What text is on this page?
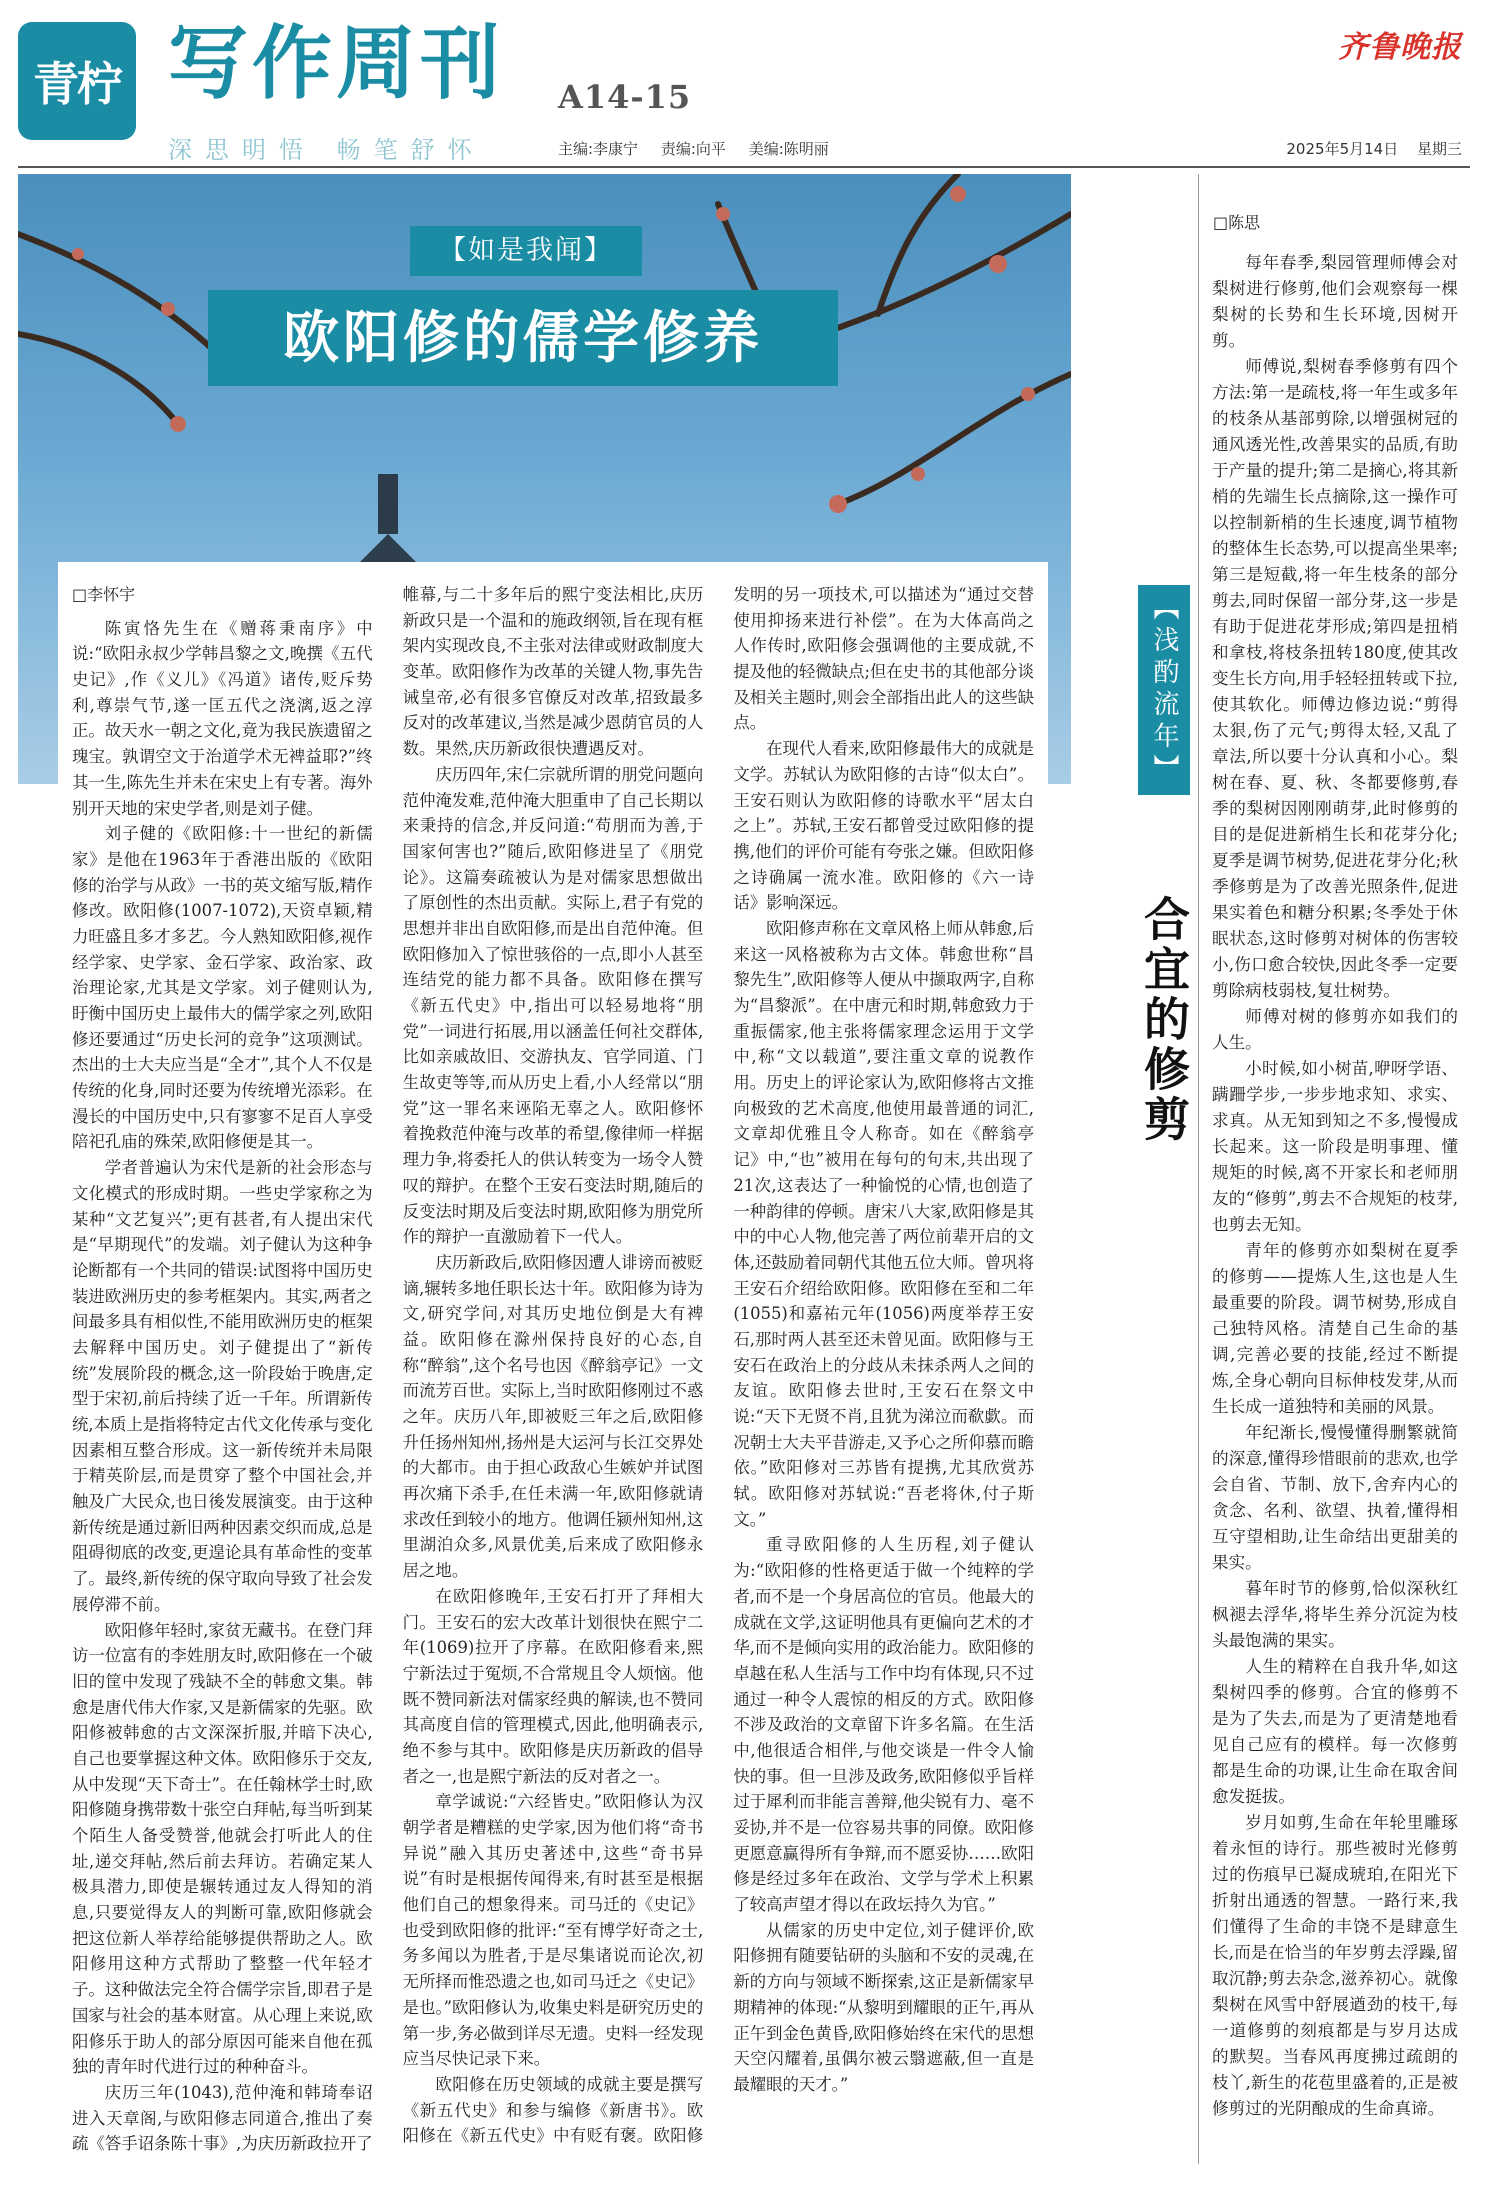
青柠 写作周刊 A14-15
深思明悟 畅笔舒怀	主编:李康宁 责编:向平 美编:陈明丽
齐鲁晚报
2025年5月14日 星期三
【如是我闻】
欧阳修的儒学修养
□李怀宇

陈寅恪先生在《赠蒋秉南序》中说:“欧阳永叔少学韩昌黎之文,晚撰《五代史记》,作《义儿》《冯道》诸传,贬斥势利,尊崇气节,遂一匡五代之浇漓,返之淳正。故天水一朝之文化,竟为我民族遗留之瑰宝。孰谓空文于治道学术无裨益耶?”终其一生,陈先生并未在宋史上有专著。海外别开天地的宋史学者,则是刘子健。

刘子健的《欧阳修:十一世纪的新儒家》是他在1963年于香港出版的《欧阳修的治学与从政》一书的英文缩写版,精作修改。欧阳修(1007-1072),天资卓颖,精力旺盛且多才多艺。今人熟知欧阳修,视作经学家、史学家、金石学家、政治家、政治理论家,尤其是文学家。刘子健则认为,盱衡中国历史上最伟大的儒学家之列,欧阳修还要通过“历史长河的竞争”这项测试。杰出的士大夫应当是“全才”,其个人不仅是传统的化身,同时还要为传统增光添彩。在漫长的中国历史中,只有寥寥不足百人享受陪祀孔庙的殊荣,欧阳修便是其一。

学者普遍认为宋代是新的社会形态与文化模式的形成时期。一些史学家称之为某种“文艺复兴”;更有甚者,有人提出宋代是“早期现代”的发端。刘子健认为这种争论断都有一个共同的错误:试图将中国历史装进欧洲历史的参考框架内。其实,两者之间最多具有相似性,不能用欧洲历史的框架去解释中国历史。刘子健提出了“新传统”发展阶段的概念,这一阶段始于晚唐,定型于宋初,前后持续了近一千年。所谓新传统,本质上是指将特定古代文化传承与变化因素相互整合形成。这一新传统并未局限于精英阶层,而是贯穿了整个中国社会,并触及广大民众,也日後发展演变。由于这种新传统是通过新旧两种因素交织而成,总是阻碍彻底的改变,更遑论具有革命性的变革了。最终,新传统的保守取向导致了社会发展停滞不前。

欧阳修年轻时,家贫无藏书。在登门拜访一位富有的李姓朋友时,欧阳修在一个破旧的筐中发现了残缺不全的韩愈文集。韩愈是唐代伟大作家,又是新儒家的先驱。欧阳修被韩愈的古文深深折服,并暗下决心,自己也要掌握这种文体。欧阳修乐于交友,从中发现“天下奇士”。在任翰林学士时,欧阳修随身携带数十张空白拜帖,每当听到某个陌生人备受赞誉,他就会打听此人的住址,递交拜帖,然后前去拜访。若确定某人极具潜力,即使是辗转通过友人得知的消息,只要觉得友人的判断可靠,欧阳修就会把这位新人举荐给能够提供帮助之人。欧阳修用这种方式帮助了整整一代年轻才子。这种做法完全符合儒学宗旨,即君子是国家与社会的基本财富。从心理上来说,欧阳修乐于助人的部分原因可能来自他在孤独的青年时代进行过的种种奋斗。

庆历三年(1043),范仲淹和韩琦奉诏进入天章阁,与欧阳修志同道合,推出了奏疏《答手诏条陈十事》,为庆历新政拉开了帷幕,与二十多年后的熙宁变法相比,庆历新政只是一个温和的施政纲领,旨在现有框架内实现改良,不主张对法律或财政制度大变革。欧阳修作为改革的关键人物,事先告诫皇帝,必有很多官僚反对改革,招致最多反对的改革建议,当然是减少恩荫官员的人数。果然,庆历新政很快遭遇反对。

庆历四年,宋仁宗就所谓的朋党问题向范仲淹发难,范仲淹大胆重申了自己长期以来秉持的信念,并反问道:“苟朋而为善,于国家何害也?”随后,欧阳修进呈了《朋党论》。这篇奏疏被认为是对儒家思想做出了原创性的杰出贡献。实际上,君子有党的思想并非出自欧阳修,而是出自范仲淹。但欧阳修加入了惊世骇俗的一点,即小人甚至连结党的能力都不具备。欧阳修在撰写《新五代史》中,指出可以轻易地将“朋党”一词进行拓展,用以涵盖任何社交群体,比如亲戚故旧、交游执友、官学同道、门生故吏等等,而从历史上看,小人经常以“朋党”这一罪名来诬陷无辜之人。欧阳修怀着挽救范仲淹与改革的希望,像律师一样据理力争,将委托人的供认转变为一场令人赞叹的辩护。在整个王安石变法时期,随后的反变法时期及后变法时期,欧阳修为朋党所作的辩护一直激励着下一代人。

庆历新政后,欧阳修因遭人诽谤而被贬谪,辗转多地任职长达十年。欧阳修为诗为文,研究学问,对其历史地位倒是大有裨益。欧阳修在滁州保持良好的心态,自称“醉翁”,这个名号也因《醉翁亭记》一文而流芳百世。实际上,当时欧阳修刚过不惑之年。庆历八年,即被贬三年之后,欧阳修升任扬州知州,扬州是大运河与长江交界处的大都市。由于担心政敌心生嫉妒并试图再次痛下杀手,在任未满一年,欧阳修就请求改任到较小的地方。他调任颍州知州,这里湖泊众多,风景优美,后来成了欧阳修永居之地。

在欧阳修晚年,王安石打开了拜相大门。王安石的宏大改革计划很快在熙宁二年(1069)拉开了序幕。在欧阳修看来,熙宁新法过于冤烦,不合常规且令人烦恼。他既不赞同新法对儒家经典的解读,也不赞同其高度自信的管理模式,因此,他明确表示,绝不参与其中。欧阳修是庆历新政的倡导者之一,也是熙宁新法的反对者之一。

章学诚说:“六经皆史。”欧阳修认为汉朝学者是糟糕的史学家,因为他们将“奇书异说”融入其历史著述中,这些“奇书异说”有时是根据传闻得来,有时甚至是根据他们自己的想象得来。司马迁的《史记》也受到欧阳修的批评:“至有博学好奇之士,务多闻以为胜者,于是尽集诸说而论次,初无所择而惟恐遗之也,如司马迁之《史记》是也。”欧阳修认为,收集史料是研究历史的第一步,务必做到详尽无遗。史料一经发现应当尽快记录下来。

欧阳修在历史领域的成就主要是撰写《新五代史》和参与编修《新唐书》。欧阳修在《新五代史》中有贬有褒。欧阳修发明的另一项技术,可以描述为“通过交替使用抑扬来进行补偿”。在为大体高尚之人作传时,欧阳修会强调他的主要成就,不提及他的轻微缺点;但在史书的其他部分谈及相关主题时,则会全部指出此人的这些缺点。

在现代人看来,欧阳修最伟大的成就是文学。苏轼认为欧阳修的古诗“似太白”。王安石则认为欧阳修的诗歌水平“居太白之上”。苏轼,王安石都曾受过欧阳修的提携,他们的评价可能有夸张之嫌。但欧阳修之诗确属一流水准。欧阳修的《六一诗话》影响深远。

欧阳修声称在文章风格上师从韩愈,后来这一风格被称为古文体。韩愈世称“昌黎先生”,欧阳修等人便从中撷取两字,自称为“昌黎派”。在中唐元和时期,韩愈致力于重振儒家,他主张将儒家理念运用于文学中,称“文以载道”,要注重文章的说教作用。历史上的评论家认为,欧阳修将古文推向极致的艺术高度,他使用最普通的词汇,文章却优雅且令人称奇。如在《醉翁亭记》中,“也”被用在每句的句末,共出现了21次,这表达了一种愉悦的心情,也创造了一种韵律的停顿。唐宋八大家,欧阳修是其中的中心人物,他完善了两位前辈开启的文体,还鼓励着同朝代其他五位大师。曾巩将王安石介绍给欧阳修。欧阳修在至和二年(1055)和嘉祐元年(1056)两度举荐王安石,那时两人甚至还未曾见面。欧阳修与王安石在政治上的分歧从未抹杀两人之间的友谊。欧阳修去世时,王安石在祭文中说:“天下无贤不肖,且犹为涕泣而欷歔。而况朝士大夫平昔游走,又予心之所仰慕而瞻依。”欧阳修对三苏皆有提携,尤其欣赏苏轼。欧阳修对苏轼说:“吾老将休,付子斯文。”

重寻欧阳修的人生历程,刘子健认为:“欧阳修的性格更适于做一个纯粹的学者,而不是一个身居高位的官员。他最大的成就在文学,这证明他具有更偏向艺术的才华,而不是倾向实用的政治能力。欧阳修的卓越在私人生活与工作中均有体现,只不过通过一种令人震惊的相反的方式。欧阳修不涉及政治的文章留下许多名篇。在生活中,他很适合相伴,与他交谈是一件令人愉快的事。但一旦涉及政务,欧阳修似乎旨样过于犀利而非能言善辩,他尖锐有力、毫不妥协,并不是一位容易共事的同僚。欧阳修更愿意赢得所有争辩,而不愿妥协……欧阳修是经过多年在政治、文学与学术上积累了较高声望才得以在政坛持久为官。”

从儒家的历史中定位,刘子健评价,欧阳修拥有随要钻研的头脑和不安的灵魂,在新的方向与领域不断探索,这正是新儒家早期精神的体现:“从黎明到耀眼的正午,再从正午到金色黄昏,欧阳修始终在宋代的思想天空闪耀着,虽偶尔被云翳遮蔽,但一直是最耀眼的天才。”

【浅酌流年】
合宜的修剪
□陈思

每年春季,梨园管理师傅会对梨树进行修剪,他们会观察每一棵梨树的长势和生长环境,因树开剪。

师傅说,梨树春季修剪有四个方法:第一是疏枝,将一年生或多年的枝条从基部剪除,以增强树冠的通风透光性,改善果实的品质,有助于产量的提升;第二是摘心,将其新梢的先端生长点摘除,这一操作可以控制新梢的生长速度,调节植物的整体生长态势,可以提高坐果率;第三是短截,将一年生枝条的部分剪去,同时保留一部分芽,这一步是有助于促进花芽形成;第四是扭梢和拿枝,将枝条扭转180度,使其改变生长方向,用手轻轻扭转或下拉,使其软化。师傅边修边说:“剪得太狠,伤了元气;剪得太轻,又乱了章法,所以要十分认真和小心。梨树在春、夏、秋、冬都要修剪,春季的梨树因刚刚萌芽,此时修剪的目的是促进新梢生长和花芽分化;夏季是调节树势,促进花芽分化;秋季修剪是为了改善光照条件,促进果实着色和糖分积累;冬季处于休眠状态,这时修剪对树体的伤害较小,伤口愈合较快,因此冬季一定要剪除病枝弱枝,复壮树势。

师傅对树的修剪亦如我们的人生。

小时候,如小树苗,咿呀学语、蹒跚学步,一步步地求知、求实、求真。从无知到知之不多,慢慢成长起来。这一阶段是明事理、懂规矩的时候,离不开家长和老师朋友的“修剪”,剪去不合规矩的枝芽,也剪去无知。

青年的修剪亦如梨树在夏季的修剪——提炼人生,这也是人生最重要的阶段。调节树势,形成自己独特风格。清楚自己生命的基调,完善必要的技能,经过不断提炼,全身心朝向目标伸枝发芽,从而生长成一道独特和美丽的风景。

年纪渐长,慢慢懂得删繁就简的深意,懂得珍惜眼前的悲欢,也学会自省、节制、放下,舍弃内心的贪念、名利、欲望、执着,懂得相互守望相助,让生命结出更甜美的果实。

暮年时节的修剪,恰似深秋红枫褪去浮华,将毕生养分沉淀为枝头最饱满的果实。

人生的精粹在自我升华,如这梨树四季的修剪。合宜的修剪不是为了失去,而是为了更清楚地看见自己应有的模样。每一次修剪都是生命的功课,让生命在取舍间愈发挺拔。

岁月如剪,生命在年轮里雕琢着永恒的诗行。那些被时光修剪过的伤痕早已凝成琥珀,在阳光下折射出通透的智慧。一路行来,我们懂得了生命的丰饶不是肆意生长,而是在恰当的年岁剪去浮躁,留取沉静;剪去杂念,滋养初心。就像梨树在风雪中舒展遒劲的枝干,每一道修剪的刻痕都是与岁月达成的默契。当春风再度拂过疏朗的枝丫,新生的花苞里盛着的,正是被修剪过的光阴酿成的生命真谛。
